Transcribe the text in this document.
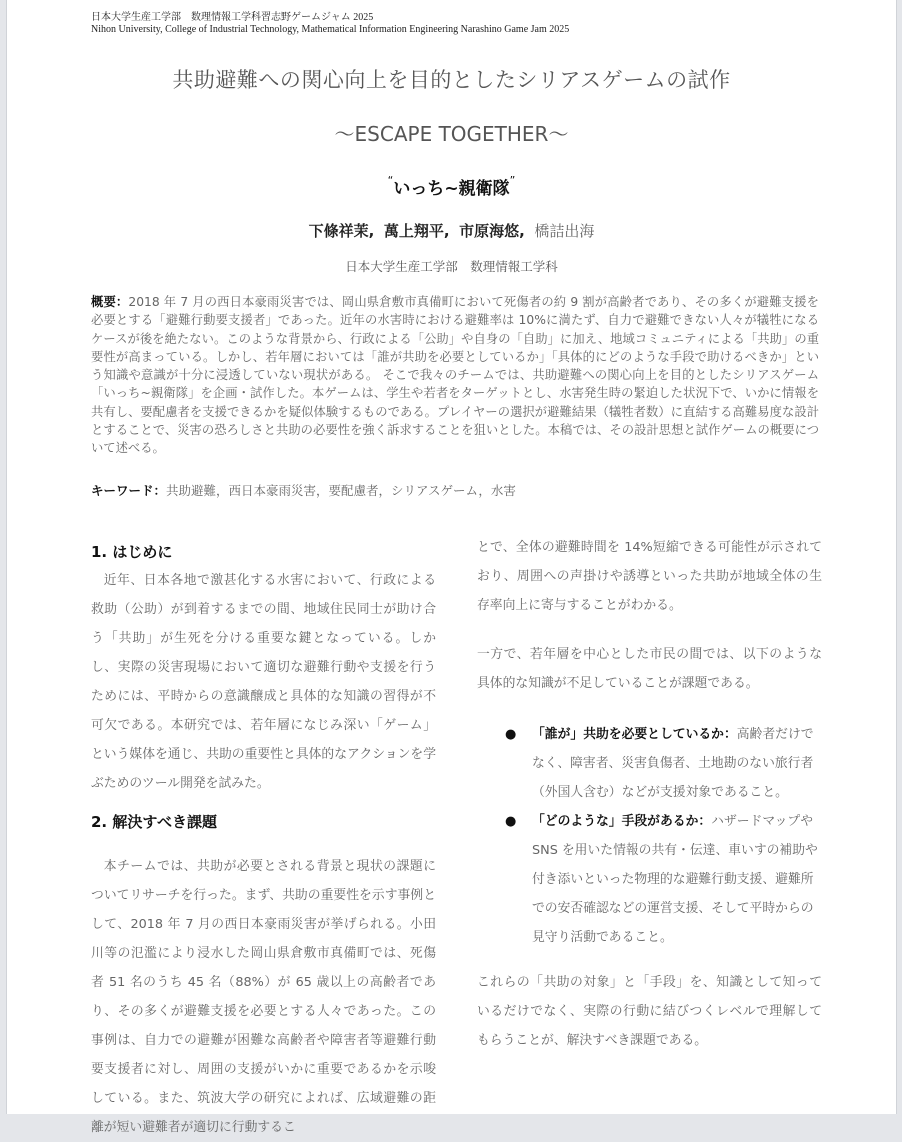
日本大学生産工学部　数理情報工学科習志野ゲームジャム 2025
Nihon University, College of Industrial Technology, Mathematical Information Engineering Narashino Game Jam 2025
共助避難への関心向上を目的としたシリアスゲームの試作
〜ESCAPE TOGETHER〜
“いっち~親衛隊”
下條祥茉, 萬上翔平, 市原海悠, 橋詰出海
日本大学生産工学部　数理情報工学科
概要：2018 年 7 月の西日本豪雨災害では、岡山県倉敷市真備町において死傷者の約 9 割が高齢者であり、その多くが避難支援を必要とする「避難行動要支援者」であった。近年の水害時における避難率は 10%に満たず、自力で避難できない人々が犠牲になるケースが後を絶たない。このような背景から、行政による「公助」や自身の「自助」に加え、地域コミュニティによる「共助」の重要性が高まっている。しかし、若年層においては「誰が共助を必要としているか」「具体的にどのような手段で助けるべきか」という知識や意識が十分に浸透していない現状がある。 そこで我々のチームでは、共助避難への関心向上を目的としたシリアスゲーム「いっち~親衛隊」を企画・試作した。本ゲームは、学生や若者をターゲットとし、水害発生時の緊迫した状況下で、いかに情報を共有し、要配慮者を支援できるかを疑似体験するものである。プレイヤーの選択が避難結果（犠牲者数）に直結する高難易度な設計とすることで、災害の恐ろしさと共助の必要性を強く訴求することを狙いとした。本稿では、その設計思想と試作ゲームの概要について述べる。
キーワード：共助避難，西日本豪雨災害，要配慮者，シリアスゲーム，水害
1. はじめに

近年、日本各地で激甚化する水害において、行政による救助（公助）が到着するまでの間、地域住民同士が助け合う「共助」が生死を分ける重要な鍵となっている。しかし、実際の災害現場において適切な避難行動や支援を行うためには、平時からの意識醸成と具体的な知識の習得が不可欠である。本研究では、若年層になじみ深い「ゲーム」という媒体を通じ、共助の重要性と具体的なアクションを学ぶためのツール開発を試みた。

2. 解決すべき課題

本チームでは、共助が必要とされる背景と現状の課題についてリサーチを行った。まず、共助の重要性を示す事例として、2018 年 7 月の西日本豪雨災害が挙げられる。小田川等の氾濫により浸水した岡山県倉敷市真備町では、死傷者 51 名のうち 45 名（88%）が 65 歳以上の高齢者であり、その多くが避難支援を必要とする人々であった。この事例は、自力での避難が困難な高齢者や障害者等避難行動要支援者に対し、周囲の支援がいかに重要であるかを示唆している。また、筑波大学の研究によれば、広域避難の距離が短い避難者が適切に行動するこ

とで、全体の避難時間を 14%短縮できる可能性が示されており、周囲への声掛けや誘導といった共助が地域全体の生存率向上に寄与することがわかる。

一方で、若年層を中心とした市民の間では、以下のような具体的な知識が不足していることが課題である。

● 「誰が」共助を必要としているか：高齢者だけでなく、障害者、災害負傷者、土地勘のない旅行者（外国人含む）などが支援対象であること。
● 「どのような」手段があるか：ハザードマップや SNS を用いた情報の共有・伝達、車いすの補助や付き添いといった物理的な避難行動支援、避難所での安否確認などの運営支援、そして平時からの見守り活動であること。

これらの「共助の対象」と「手段」を、知識として知っているだけでなく、実際の行動に結びつくレベルで理解してもらうことが、解決すべき課題である。
